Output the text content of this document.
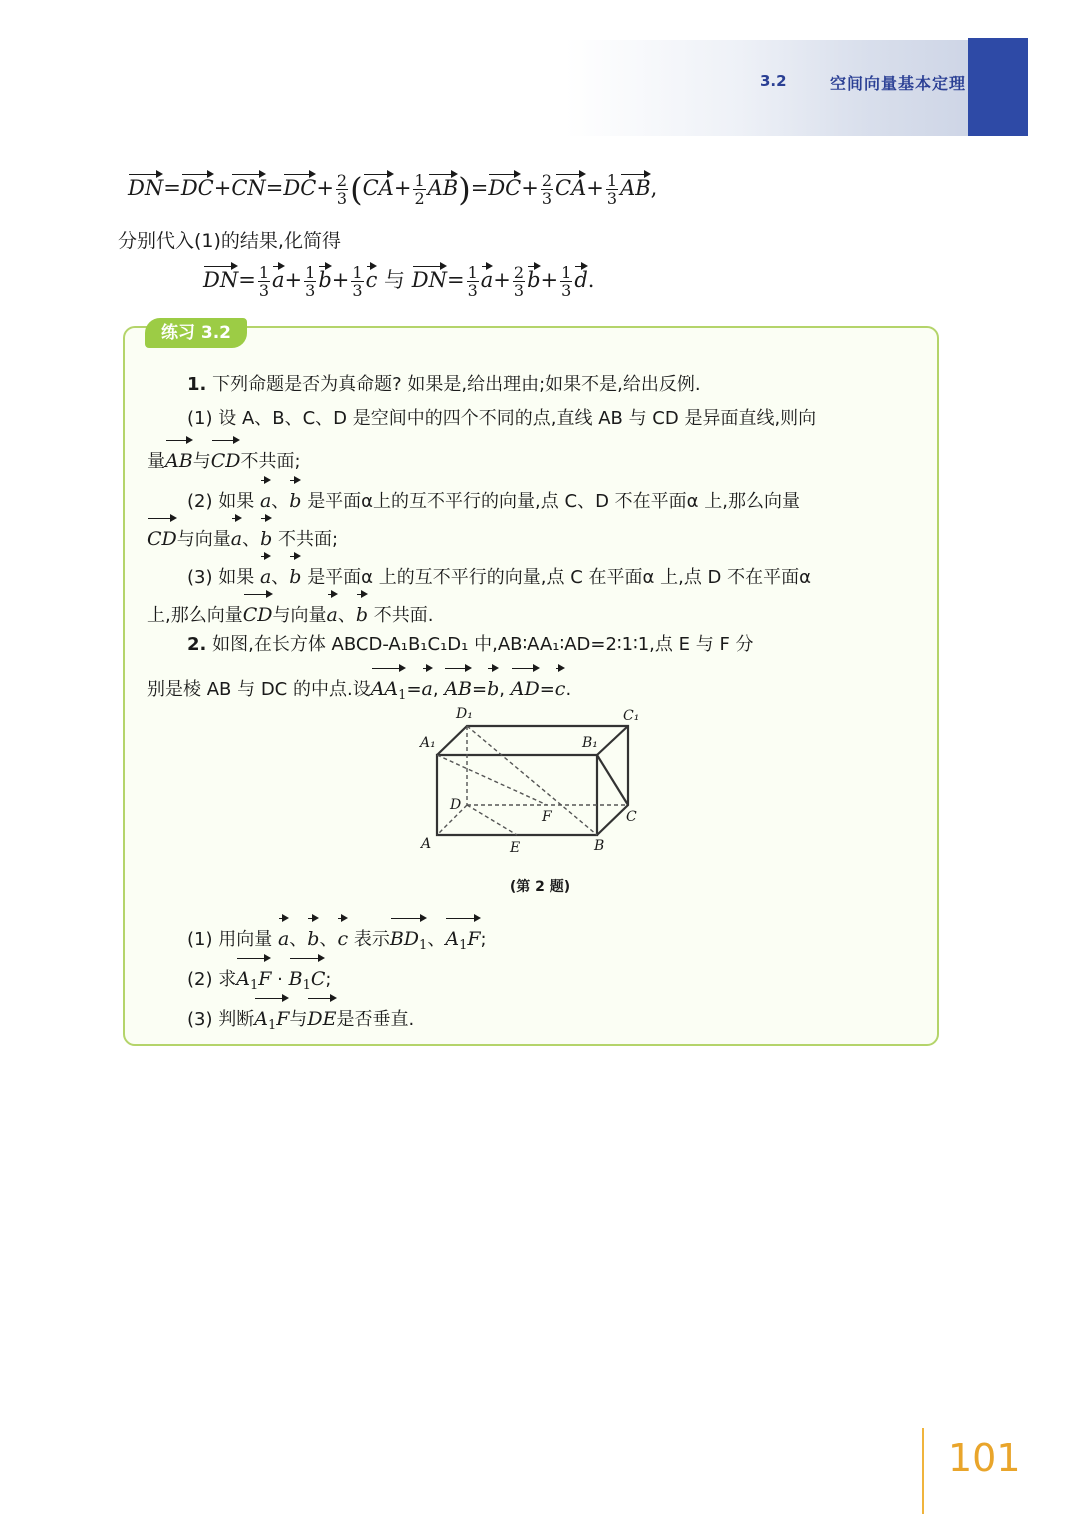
3.2	空间向量基本定理
$DN=DC+CN=DC+ \frac{2}{3} (CA+ \frac{1}{2} AB)=DC+ \frac{2}{3} CA+ \frac{1}{3}$ AB,
分别代入(1)的结果,化简得
$DN= \frac{1}{3} a+ \frac{1}{3} b+ \frac{1}{3}$ c 与 $DN= \frac{1}{3} a+ \frac{2}{3} b+ \frac{1}{3} d$.
练习 3.2
1. 下列命题是否为真命题? 如果是,给出理由;如果不是,给出反例.
(1) 设 A、B、C、D 是空间中的四个不同的点,直线 AB 与 CD 是异面直线,则向
量AB与CD不共面;
(2) 如果 a、b 是平面α上的互不平行的向量,点 C、D 不在平面α 上,那么向量
CD与向量a、b 不共面;
(3) 如果 a、b 是平面α 上的互不平行的向量,点 C 在平面α 上,点 D 不在平面α
上,那么向量CD与向量a、b 不共面.
2. 如图,在长方体 ABCD-A₁B₁C₁D₁ 中,AB∶AA₁∶AD=2∶1∶1,点 E 与 F 分
别是棱 AB 与 DC 的中点.设$AA_1=a$, AB=b, AD=c.
D₁	C₁
A₁	B₁
D
F	C
A	E	B
(第 2 题)
(1) 用向量 a、b、c 表示$BD_1$、$A_1F$;
(2) 求$A_1F \cdot B_1C$;
(3) 判断$A_1F$与DE是否垂直.
101
